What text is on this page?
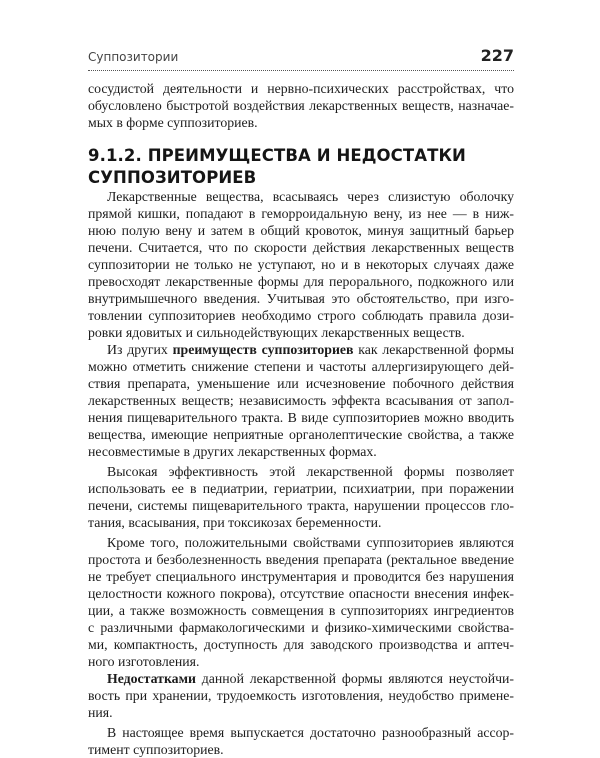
Суппозитории	227
сосудистой деятельности и нервно-психических расстройствах, что
обусловлено быстротой воздействия лекарственных веществ, назначае-
мых в форме суппозиториев.
9.1.2. ПРЕИМУЩЕСТВА И НЕДОСТАТКИ
СУППОЗИТОРИЕВ
Лекарственные вещества, всасываясь через слизистую оболочку
прямой кишки, попадают в геморроидальную вену, из нее — в ниж-
нюю полую вену и затем в общий кровоток, минуя защитный барьер
печени. Считается, что по скорости действия лекарственных веществ
суппозитории не только не уступают, но и в некоторых случаях даже
превосходят лекарственные формы для перорального, подкожного или
внутримышечного введения. Учитывая это обстоятельство, при изго-
товлении суппозиториев необходимо строго соблюдать правила дози-
ровки ядовитых и сильнодействующих лекарственных веществ.
Из других преимуществ суппозиториев как лекарственной формы
можно отметить снижение степени и частоты аллергизирующего дей-
ствия препарата, уменьшение или исчезновение побочного действия
лекарственных веществ; независимость эффекта всасывания от запол-
нения пищеварительного тракта. В виде суппозиториев можно вводить
вещества, имеющие неприятные органолептические свойства, а также
несовместимые в других лекарственных формах.
Высокая эффективность этой лекарственной формы позволяет
использовать ее в педиатрии, гериатрии, психиатрии, при поражении
печени, системы пищеварительного тракта, нарушении процессов гло-
тания, всасывания, при токсикозах беременности.
Кроме того, положительными свойствами суппозиториев являются
простота и безболезненность введения препарата (ректальное введение
не требует специального инструментария и проводится без нарушения
целостности кожного покрова), отсутствие опасности внесения инфек-
ции, а также возможность совмещения в суппозиториях ингредиентов
с различными фармакологическими и физико-химическими свойства-
ми, компактность, доступность для заводского производства и аптеч-
ного изготовления.
Недостатками данной лекарственной формы являются неустойчи-
вость при хранении, трудоемкость изготовления, неудобство примене-
ния.
В настоящее время выпускается достаточно разнообразный ассор-
тимент суппозиториев.
